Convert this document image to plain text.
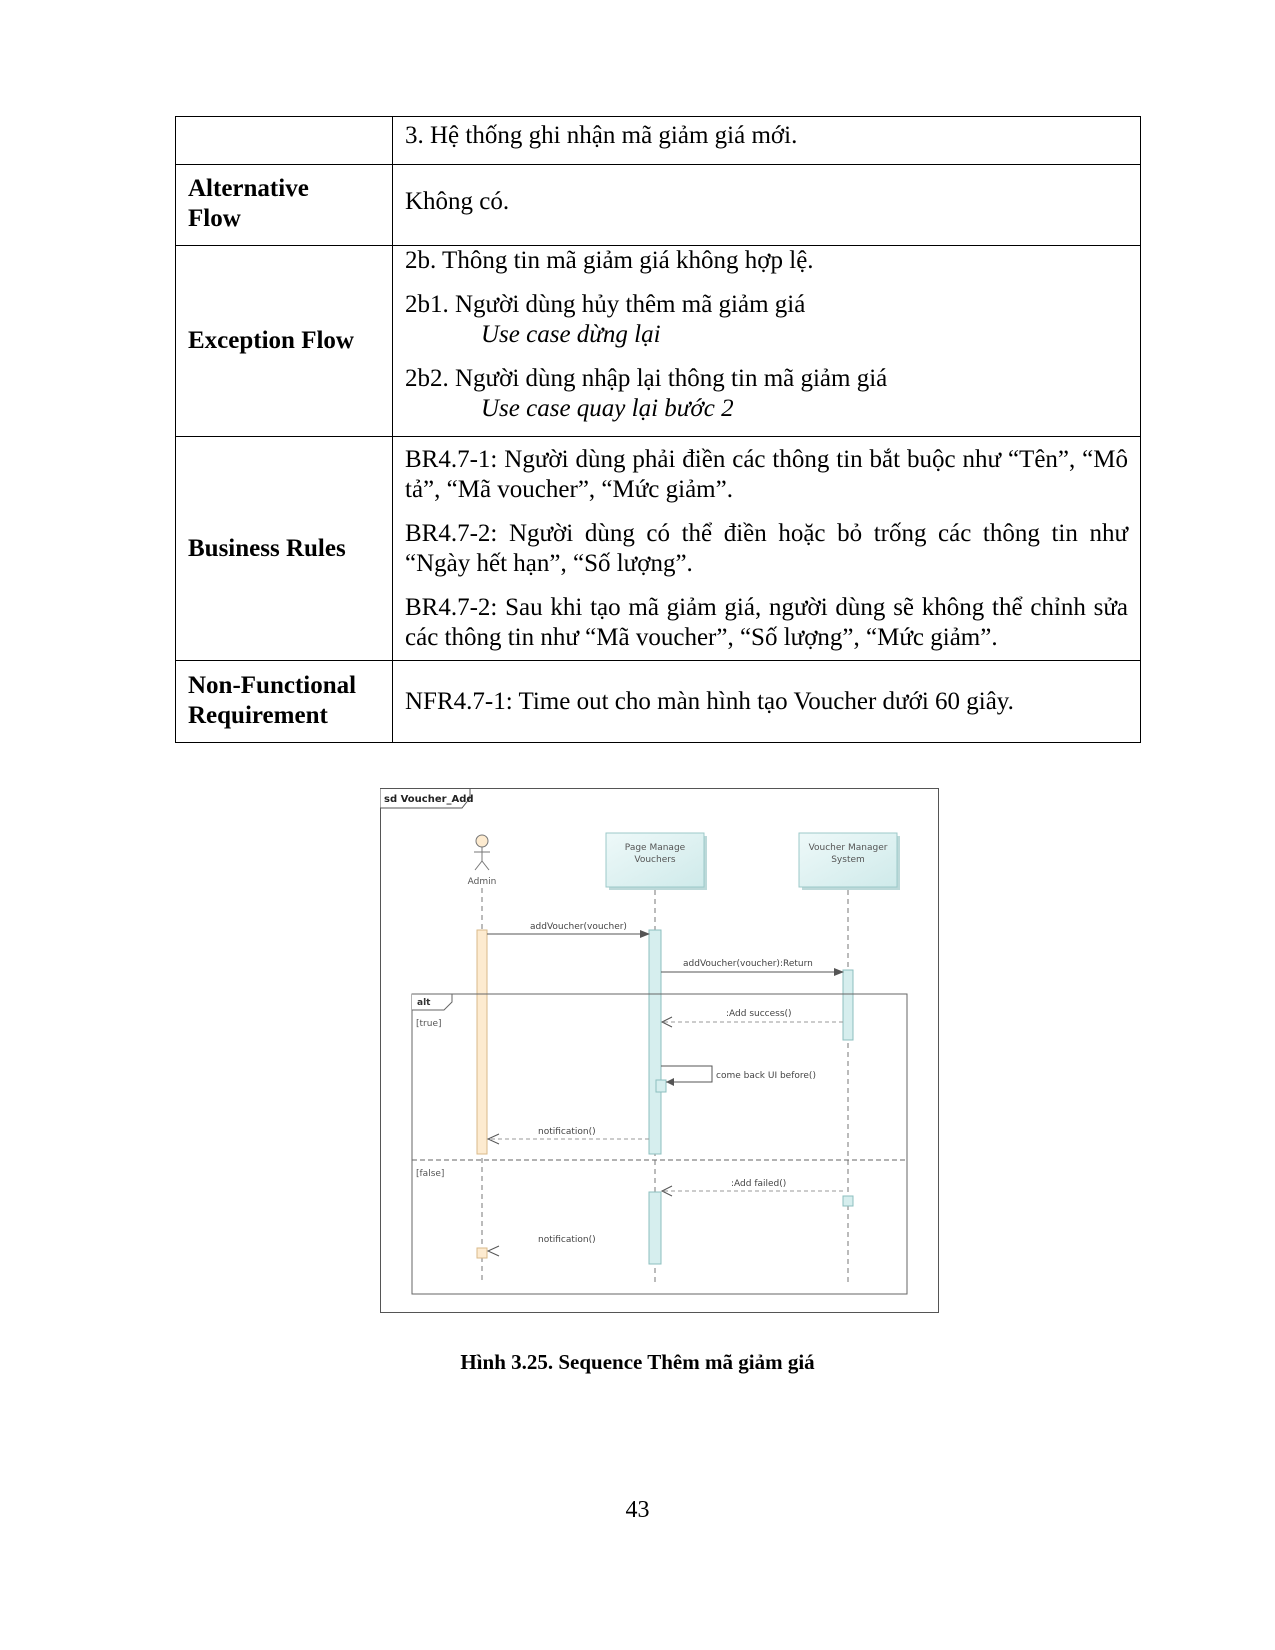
	3. Hệ thống ghi nhận mã giảm giá mới.
Alternative
Flow	Không có.
Exception Flow	2b. Thông tin mã giảm giá không hợp lệ.

2b1. Người dùng hủy thêm mã giảm giá
Use case dừng lại

2b2. Người dùng nhập lại thông tin mã giảm giá
Use case quay lại bước 2

Business Rules	BR4.7-1: Người dùng phải điền các thông tin bắt buộc như “Tên”, “Mô tả”, “Mã voucher”, “Mức giảm”.

BR4.7-2: Người dùng có thể điền hoặc bỏ trống các thông tin như “Ngày hết hạn”, “Số lượng”.

BR4.7-2: Sau khi tạo mã giảm giá, người dùng sẽ không thể chỉnh sửa các thông tin như “Mã voucher”, “Số lượng”, “Mức giảm”.

Non-Functional
Requirement	NFR4.7-1: Time out cho màn hình tạo Voucher dưới 60 giây.
sd Voucher_Add
Admin
Page Manage
Vouchers
Voucher Manager
System
addVoucher(voucher)
addVoucher(voucher):Return
alt
[true]
[false]
:Add success()
come back UI before()
notification()
:Add failed()
notification()
Hình 3.25. Sequence Thêm mã giảm giá
43
